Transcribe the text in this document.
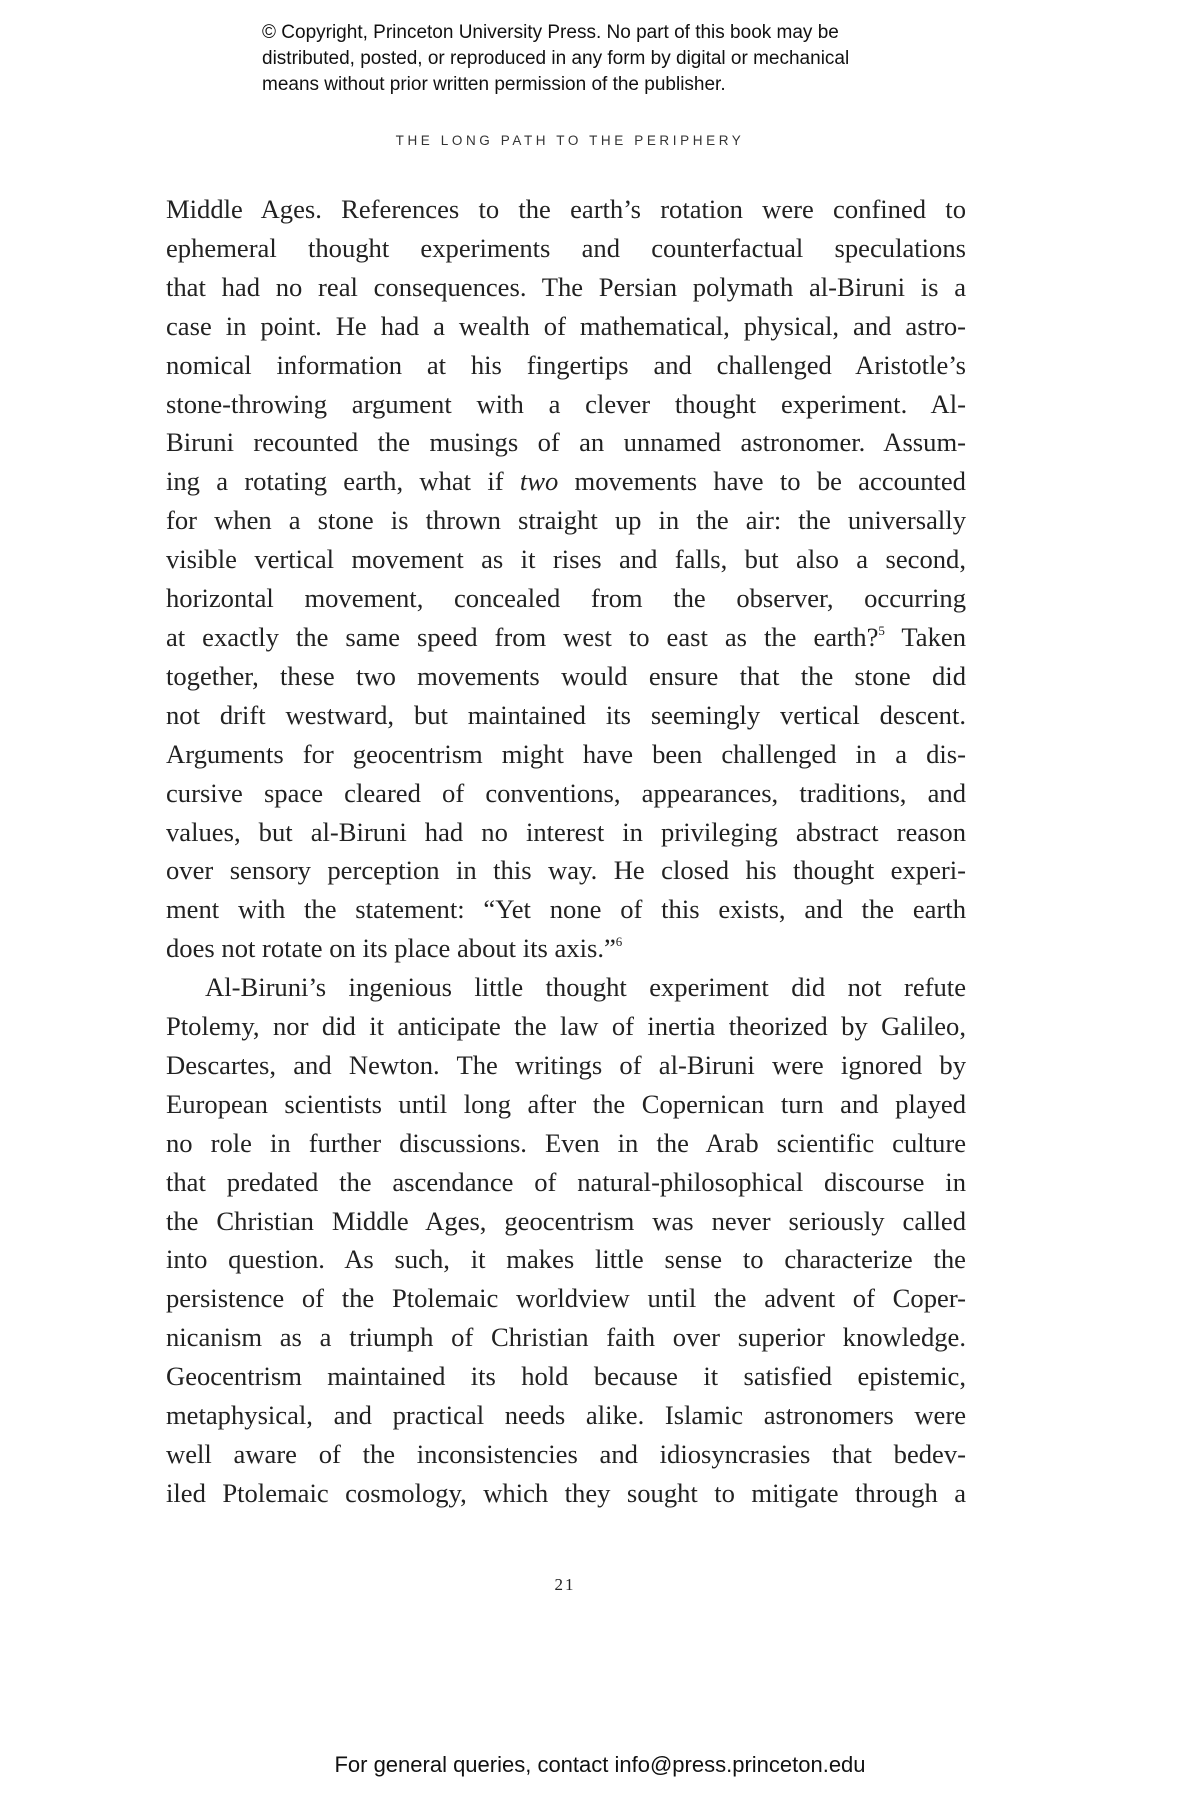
© Copyright, Princeton University Press. No part of this book may be
distributed, posted, or reproduced in any form by digital or mechanical
means without prior written permission of the publisher.
THE LONG PATH TO THE PERIPHERY
Middle Ages. References to the earth’s rotation were confined to
ephemeral thought experiments and counterfactual speculations
that had no real consequences. The Persian polymath al-Biruni is a
case in point. He had a wealth of mathematical, physical, and astro-
nomical information at his fingertips and challenged Aristotle’s
stone-throwing argument with a clever thought experiment. Al-
Biruni recounted the musings of an unnamed astronomer. Assum-
ing a rotating earth, what if two movements have to be accounted
for when a stone is thrown straight up in the air: the universally
visible vertical movement as it rises and falls, but also a second,
horizontal movement, concealed from the observer, occurring
at exactly the same speed from west to east as the earth?$^5$ Taken
together, these two movements would ensure that the stone did
not drift westward, but maintained its seemingly vertical descent.
Arguments for geocentrism might have been challenged in a dis-
cursive space cleared of conventions, appearances, traditions, and
values, but al-Biruni had no interest in privileging abstract reason
over sensory perception in this way. He closed his thought experi-
ment with the statement: “Yet none of this exists, and the earth
does not rotate on its place about its axis.”$^6$
Al-Biruni’s ingenious little thought experiment did not refute
Ptolemy, nor did it anticipate the law of inertia theorized by Galileo,
Descartes, and Newton. The writings of al-Biruni were ignored by
European scientists until long after the Copernican turn and played
no role in further discussions. Even in the Arab scientific culture
that predated the ascendance of natural-philosophical discourse in
the Christian Middle Ages, geocentrism was never seriously called
into question. As such, it makes little sense to characterize the
persistence of the Ptolemaic worldview until the advent of Coper-
nicanism as a triumph of Christian faith over superior knowledge.
Geocentrism maintained its hold because it satisfied epistemic,
metaphysical, and practical needs alike. Islamic astronomers were
well aware of the inconsistencies and idiosyncrasies that bedev-
iled Ptolemaic cosmology, which they sought to mitigate through a
21
For general queries, contact info@press.princeton.edu
